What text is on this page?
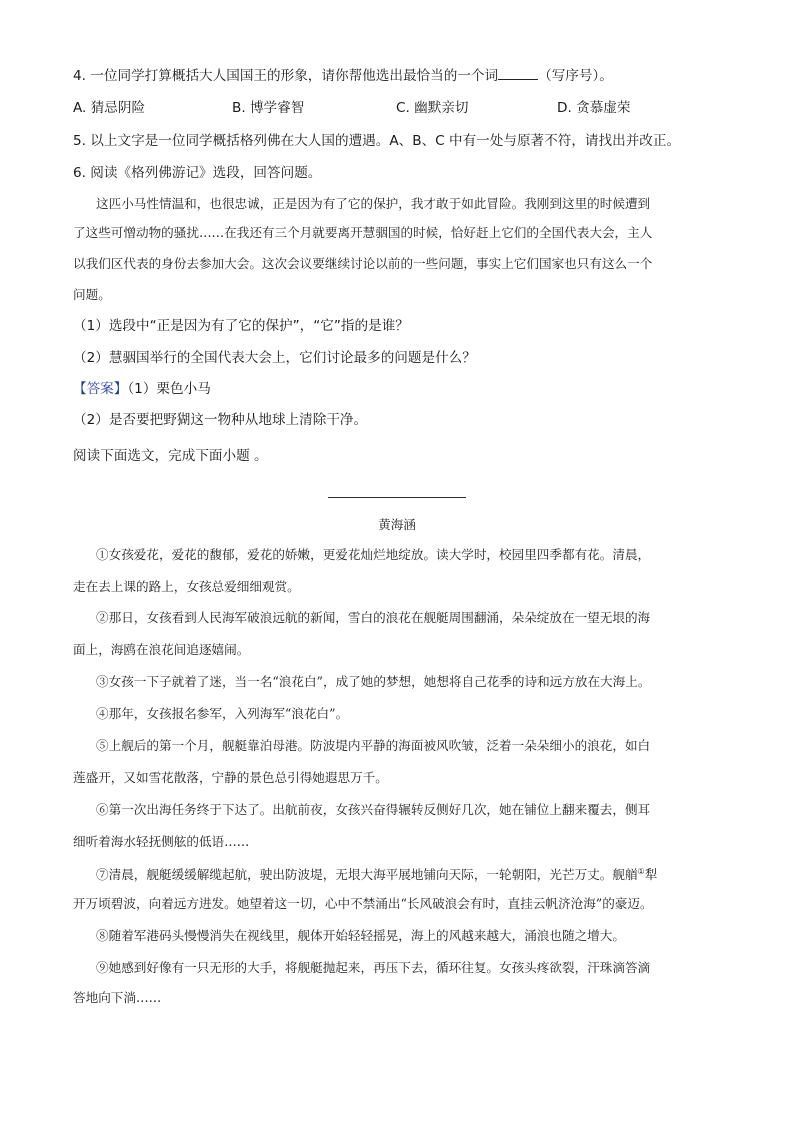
4. 一位同学打算概括大人国国王的形象，请你帮他选出最恰当的一个词	（写序号）。
A. 猜忌阴险	B. 博学睿智	C. 幽默亲切	D. 贪慕虚荣
5. 以上文字是一位同学概括格列佛在大人国的遭遇。A、B、C 中有一处与原著不符，请找出并改正。
6. 阅读《格列佛游记》选段，回答问题。
这匹小马性情温和，也很忠诚，正是因为有了它的保护，我才敢于如此冒险。我刚到这里的时候遭到
了这些可憎动物的骚扰……在我还有三个月就要离开慧骃国的时候，恰好赶上它们的全国代表大会，主人
以我们区代表的身份去参加大会。这次会议要继续讨论以前的一些问题，事实上它们国家也只有这么一个
问题。
（1）选段中“正是因为有了它的保护”，“它”指的是谁？
（2）慧骃国举行的全国代表大会上，它们讨论最多的问题是什么？
【答案】（1）栗色小马
（2）是否要把野猢这一物种从地球上清除干净。
阅读下面选文，完成下面小题 。
黄海涵
①女孩爱花，爱花的馥郁，爱花的娇嫩，更爱花灿烂地绽放。读大学时，校园里四季都有花。清晨，
走在去上课的路上，女孩总爱细细观赏。
②那日，女孩看到人民海军破浪远航的新闻，雪白的浪花在舰艇周围翻涌，朵朵绽放在一望无垠的海
面上，海鸥在浪花间追逐嬉闹。
③女孩一下子就着了迷，当一名“浪花白”，成了她的梦想，她想将自己花季的诗和远方放在大海上。
④那年，女孩报名参军，入列海军“浪花白”。
⑤上舰后的第一个月，舰艇靠泊母港。防波堤内平静的海面被风吹皱，泛着一朵朵细小的浪花，如白
莲盛开，又如雪花散落，宁静的景色总引得她遐思万千。
⑥第一次出海任务终于下达了。出航前夜，女孩兴奋得辗转反侧好几次，她在铺位上翻来覆去，侧耳
细听着海水轻抚侧舷的低语……
⑦清晨，舰艇缓缓解缆起航，驶出防波堤，无垠大海平展地铺向天际，一轮朝阳，光芒万丈。舰艏①犁
开万顷碧波，向着远方进发。她望着这一切，心中不禁涌出“长风破浪会有时，直挂云帆济沧海”的豪迈。
⑧随着军港码头慢慢消失在视线里，舰体开始轻轻摇晃，海上的风越来越大，涌浪也随之增大。
⑨她感到好像有一只无形的大手，将舰艇抛起来，再压下去，循环往复。女孩头疼欲裂，汗珠滴答滴
答地向下淌……
